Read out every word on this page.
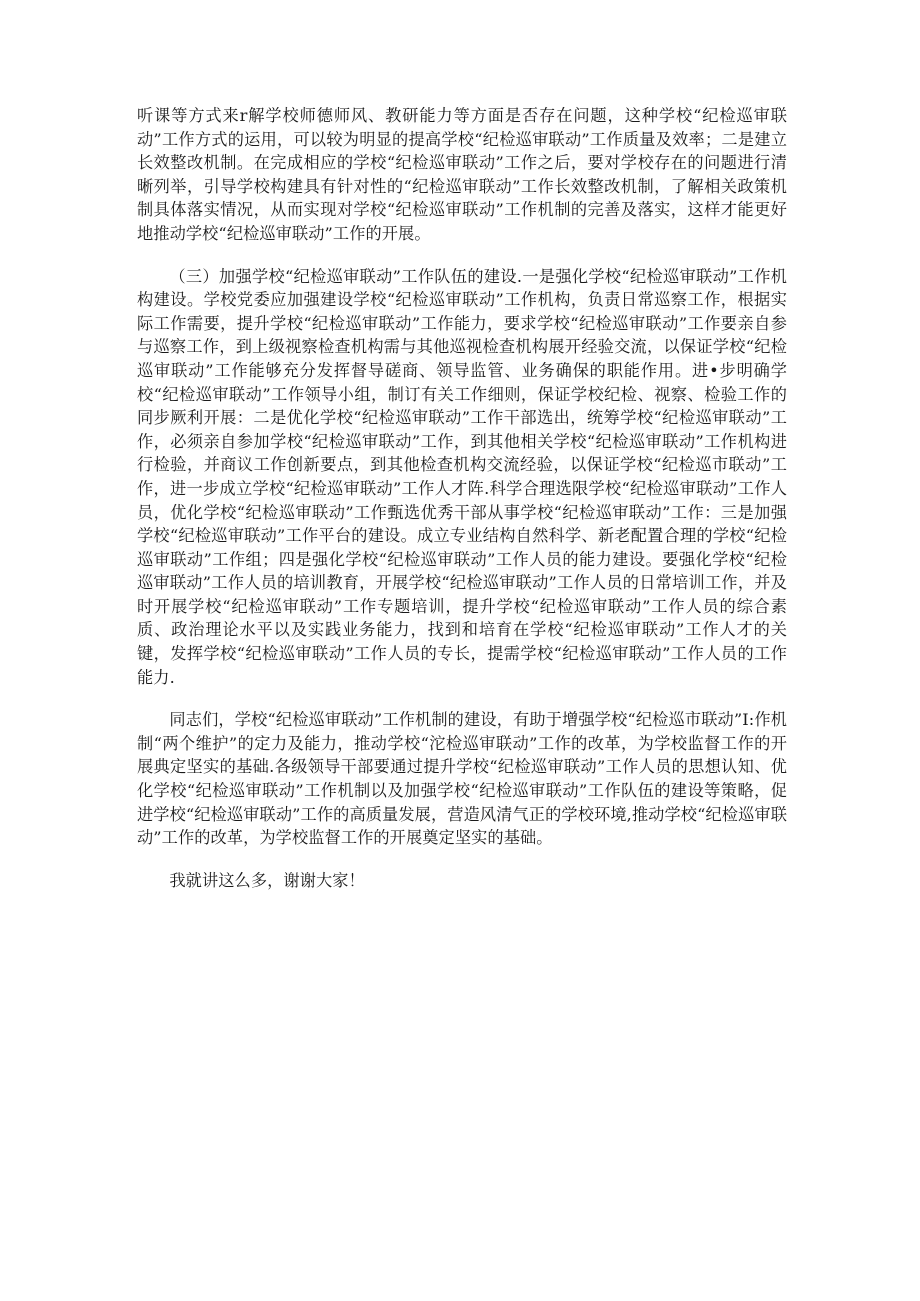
听课等方式来r解学校师德师风、教研能力等方面是否存在问题，这种学校“纪检巡审联动”工作方式的运用，可以较为明显的提高学校“纪检巡审联动”工作质量及效率；二是建立长效整改机制。在完成相应的学校“纪检巡审联动”工作之后，要对学校存在的问题进行清晰列举，引导学校构建具有针对性的“纪检巡审联动”工作长效整改机制，了解相关政策机制具体落实情况，从而实现对学校“纪检巡审联动”工作机制的完善及落实，这样才能更好地推动学校“纪检巡审联动”工作的开展。

（三）加强学校“纪检巡审联动”工作队伍的建设.一是强化学校“纪检巡审联动”工作机构建设。学校党委应加强建设学校“纪检巡审联动”工作机构，负责日常巡察工作，根据实际工作需要，提升学校“纪检巡审联动”工作能力，要求学校“纪检巡审联动”工作要亲自参与巡察工作，到上级视察检查机构需与其他巡视检查机构展开经验交流，以保证学校“纪检巡审联动”工作能够充分发挥督导磋商、领导监管、业务确保的职能作用。进•步明确学校“纪检巡审联动”工作领导小组，制订有关工作细则，保证学校纪检、视察、检验工作的同步厥利开展：二是优化学校“纪检巡审联动”工作干部选出，统筹学校“纪检巡审联动”工作，必须亲自参加学校“纪检巡审联动”工作，到其他相关学校“纪检巡审联动”工作机构进行检验，并商议工作创新要点，到其他检查机构交流经验，以保证学校“纪检巡市联动”工作，进一步成立学校“纪检巡审联动”工作人才阵.科学合理选限学校“纪检巡审联动”工作人员，优化学校“纪检巡审联动”工作甄选优秀干部从事学校“纪检巡审联动”工作：三是加强学校“纪检巡审联动”工作平台的建设。成立专业结构自然科学、新老配置合理的学校“纪检巡审联动”工作组；四是强化学校“纪检巡审联动”工作人员的能力建设。要强化学校“纪检巡审联动”工作人员的培训教育，开展学校“纪检巡审联动”工作人员的日常培训工作，并及时开展学校“纪检巡审联动”工作专题培训，提升学校“纪检巡审联动”工作人员的综合素质、政治理论水平以及实践业务能力，找到和培育在学校“纪检巡审联动”工作人才的关键，发挥学校“纪检巡审联动”工作人员的专长，提需学校“纪检巡审联动”工作人员的工作能力.

同志们，学校“纪检巡审联动”工作机制的建设，有助于增强学校“纪检巡市联动”I:作机制“两个维护”的定力及能力，推动学校“沱检巡审联动”工作的改革，为学校监督工作的开展典定坚实的基础.各级领导干部要通过提升学校“纪检巡审联动”工作人员的思想认知、优化学校“纪检巡审联动”工作机制以及加强学校“纪检巡审联动”工作队伍的建设等策略，促进学校“纪检巡审联动”工作的高质量发展，营造风清气正的学校环境,推动学校“纪检巡审联动”工作的改革，为学校监督工作的开展奠定坚实的基础。

我就讲这么多，谢谢大家！
